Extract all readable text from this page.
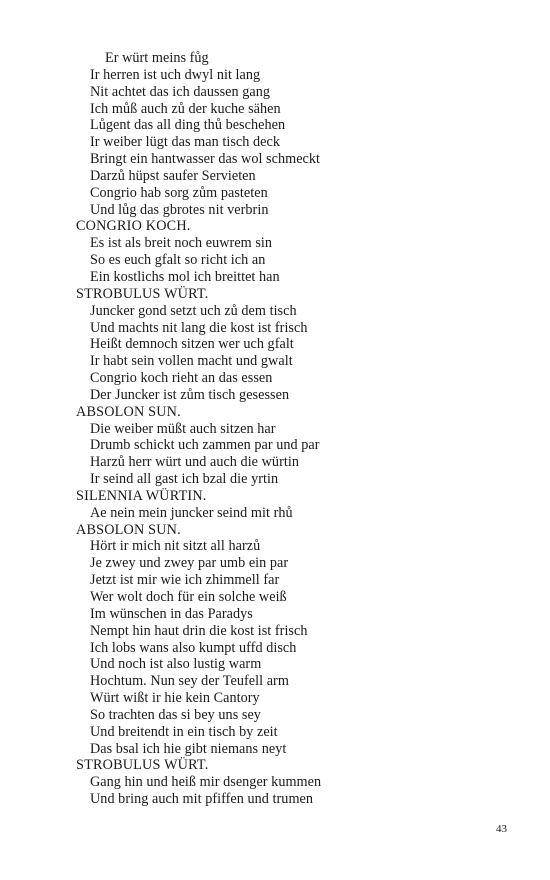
Er würt meins fůg
Ir herren ist uch dwyl nit lang
Nit achtet das ich daussen gang
Ich můß auch zů der kuche sähen
Lůgent das all ding thů beschehen
Ir weiber lügt das man tisch deck
Bringt ein hantwasser das wol schmeckt
Darzů hüpst saufer Servieten
Congrio hab sorg zům pasteten
Und lůg das gbrotes nit verbrin
CONGRIO KOCH.
Es ist als breit noch euwrem sin
So es euch gfalt so richt ich an
Ein kostlichs mol ich breittet han
STROBULUS WÜRT.
Juncker gond setzt uch zů dem tisch
Und machts nit lang die kost ist frisch
Heißt demnoch sitzen wer uch gfalt
Ir habt sein vollen macht und gwalt
Congrio koch rieht an das essen
Der Juncker ist zům tisch gesessen
ABSOLON SUN.
Die weiber müßt auch sitzen har
Drumb schickt uch zammen par und par
Harzů herr würt und auch die würtin
Ir seind all gast ich bzal die yrtin
SILENNIA WÜRTIN.
Ae nein mein juncker seind mit rhů
ABSOLON SUN.
Hört ir mich nit sitzt all harzů
Je zwey und zwey par umb ein par
Jetzt ist mir wie ich zhimmell far
Wer wolt doch für ein solche weiß
Im wünschen in das Paradys
Nempt hin haut drin die kost ist frisch
Ich lobs wans also kumpt uffd disch
Und noch ist also lustig warm
Hochtum. Nun sey der Teufell arm
Würt wißt ir hie kein Cantory
So trachten das si bey uns sey
Und breitendt in ein tisch by zeit
Das bsal ich hie gibt niemans neyt
STROBULUS WÜRT.
Gang hin und heiß mir dsenger kummen
Und bring auch mit pfiffen und trumen
43
